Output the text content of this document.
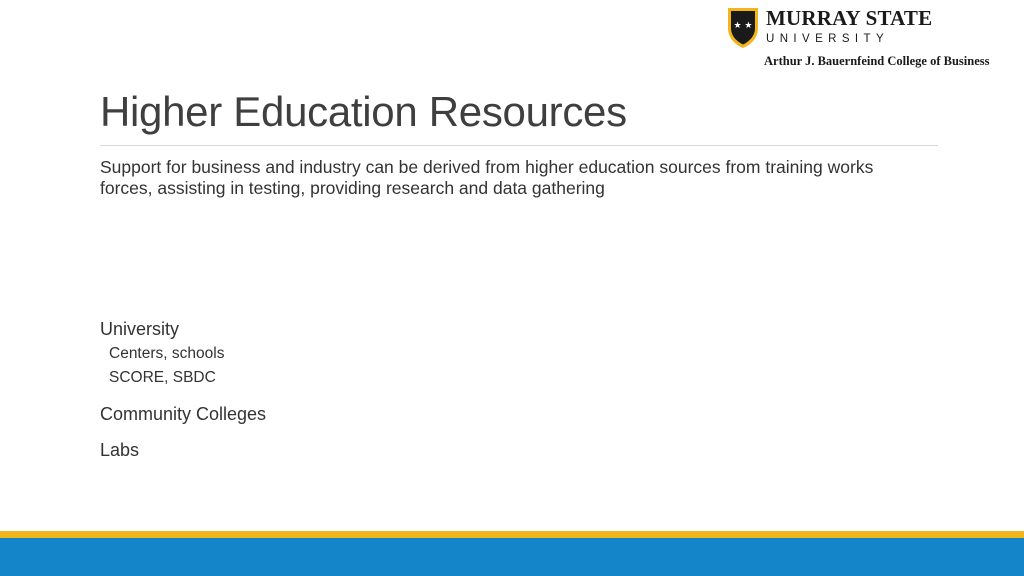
★ ★ MURRAY STATE
UNIVERSITY
Arthur J. Bauernfeind College of Business
Higher Education Resources
Support for business and industry can be derived from higher education sources from training works forces, assisting in testing, providing research and data gathering
University
Centers, schools
SCORE, SBDC
Community Colleges
Labs
